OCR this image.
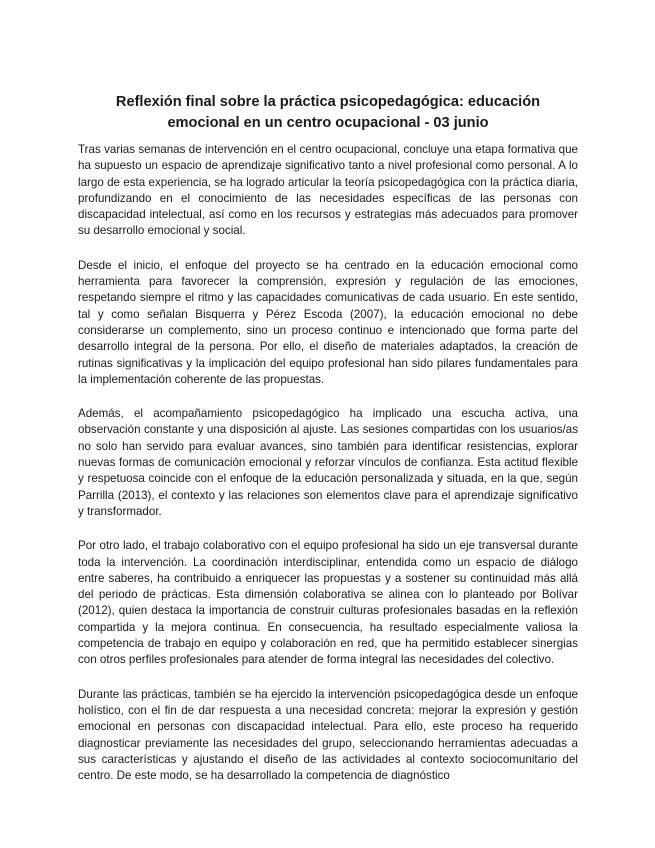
Reflexión final sobre la práctica psicopedagógica: educación emocional en un centro ocupacional - 03 junio

Tras varias semanas de intervención en el centro ocupacional, concluye una etapa formativa que ha supuesto un espacio de aprendizaje significativo tanto a nivel profesional como personal. A lo largo de esta experiencia, se ha logrado articular la teoría psicopedagógica con la práctica diaria, profundizando en el conocimiento de las necesidades específicas de las personas con discapacidad intelectual, así como en los recursos y estrategias más adecuados para promover su desarrollo emocional y social.

Desde el inicio, el enfoque del proyecto se ha centrado en la educación emocional como herramienta para favorecer la comprensión, expresión y regulación de las emociones, respetando siempre el ritmo y las capacidades comunicativas de cada usuario. En este sentido, tal y como señalan Bisquerra y Pérez Escoda (2007), la educación emocional no debe considerarse un complemento, sino un proceso continuo e intencionado que forma parte del desarrollo integral de la persona. Por ello, el diseño de materiales adaptados, la creación de rutinas significativas y la implicación del equipo profesional han sido pilares fundamentales para la implementación coherente de las propuestas.

Además, el acompañamiento psicopedagógico ha implicado una escucha activa, una observación constante y una disposición al ajuste. Las sesiones compartidas con los usuarios/as no solo han servido para evaluar avances, sino también para identificar resistencias, explorar nuevas formas de comunicación emocional y reforzar vínculos de confianza. Esta actitud flexible y respetuosa coincide con el enfoque de la educación personalizada y situada, en la que, según Parrilla (2013), el contexto y las relaciones son elementos clave para el aprendizaje significativo y transformador.

Por otro lado, el trabajo colaborativo con el equipo profesional ha sido un eje transversal durante toda la intervención. La coordinación interdisciplinar, entendida como un espacio de diálogo entre saberes, ha contribuido a enriquecer las propuestas y a sostener su continuidad más allá del periodo de prácticas. Esta dimensión colaborativa se alinea con lo planteado por Bolívar (2012), quien destaca la importancia de construir culturas profesionales basadas en la reflexión compartida y la mejora continua. En consecuencia, ha resultado especialmente valiosa la competencia de trabajo en equipo y colaboración en red, que ha permitido establecer sinergias con otros perfiles profesionales para atender de forma integral las necesidades del colectivo.

Durante las prácticas, también se ha ejercido la intervención psicopedagógica desde un enfoque holístico, con el fin de dar respuesta a una necesidad concreta: mejorar la expresión y gestión emocional en personas con discapacidad intelectual. Para ello, este proceso ha requerido diagnosticar previamente las necesidades del grupo, seleccionando herramientas adecuadas a sus características y ajustando el diseño de las actividades al contexto sociocomunitario del centro. De este modo, se ha desarrollado la competencia de diagnóstico
